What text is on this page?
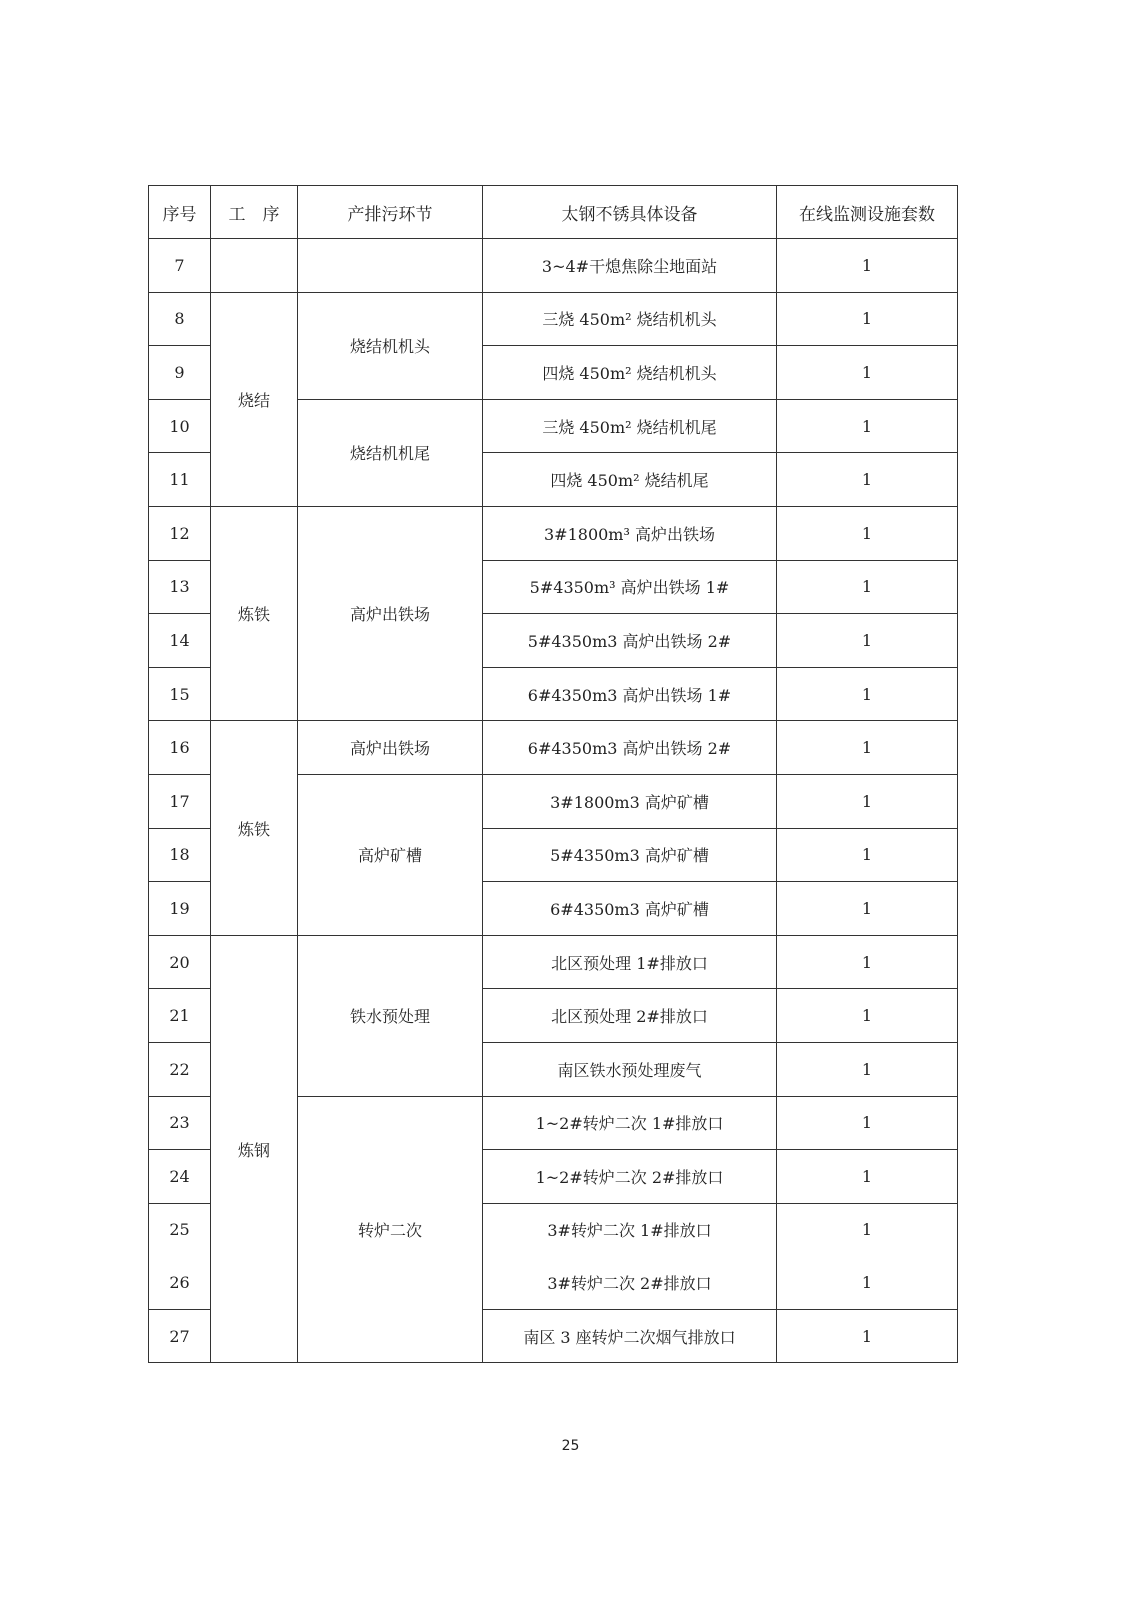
序号	工　序	产排污环节	太钢不锈具体设备	在线监测设施套数
7			3~4#干熄焦除尘地面站	1
8	烧结	烧结机机头	三烧 450m² 烧结机机头	1
9			四烧 450m² 烧结机机头	1
10		烧结机机尾	三烧 450m² 烧结机机尾	1
11			四烧 450m² 烧结机尾	1
12	炼铁	高炉出铁场	3#1800m³ 高炉出铁场	1
13			5#4350m³ 高炉出铁场 1#	1
14			5#4350m3 高炉出铁场 2#	1
15			6#4350m3 高炉出铁场 1#	1
16	炼铁	高炉出铁场	6#4350m3 高炉出铁场 2#	1
17		高炉矿槽	3#1800m3 高炉矿槽	1
18			5#4350m3 高炉矿槽	1
19			6#4350m3 高炉矿槽	1
20	炼钢	铁水预处理	北区预处理 1#排放口	1
21			北区预处理 2#排放口	1
22			南区铁水预处理废气	1
23		转炉二次	1~2#转炉二次 1#排放口	1
24			1~2#转炉二次 2#排放口	1
25			3#转炉二次 1#排放口	1
26			3#转炉二次 2#排放口	1
27			南区 3 座转炉二次烟气排放口	1
25
